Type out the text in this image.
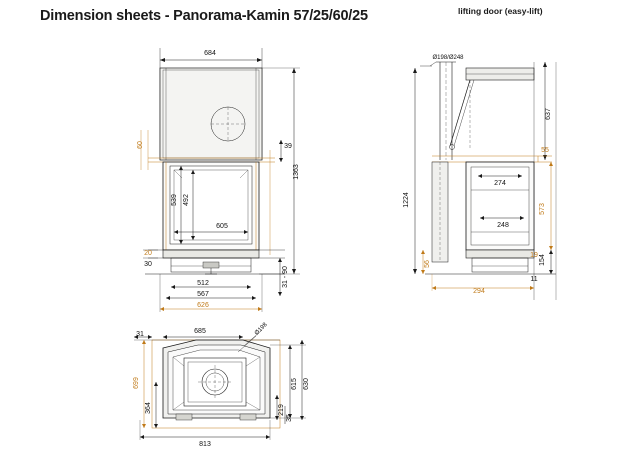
Dimension sheets - Panorama-Kamin 57/25/60/25	lifting door (easy-lift)
684
39
1363
60
539 492
605
20
30
512
567
626
31 - 90
Ø198/Ø248
637
55
1224
274
248
573
154
19
11
56
294
31	685	Ø198
699
364
615 630
219
35
813
